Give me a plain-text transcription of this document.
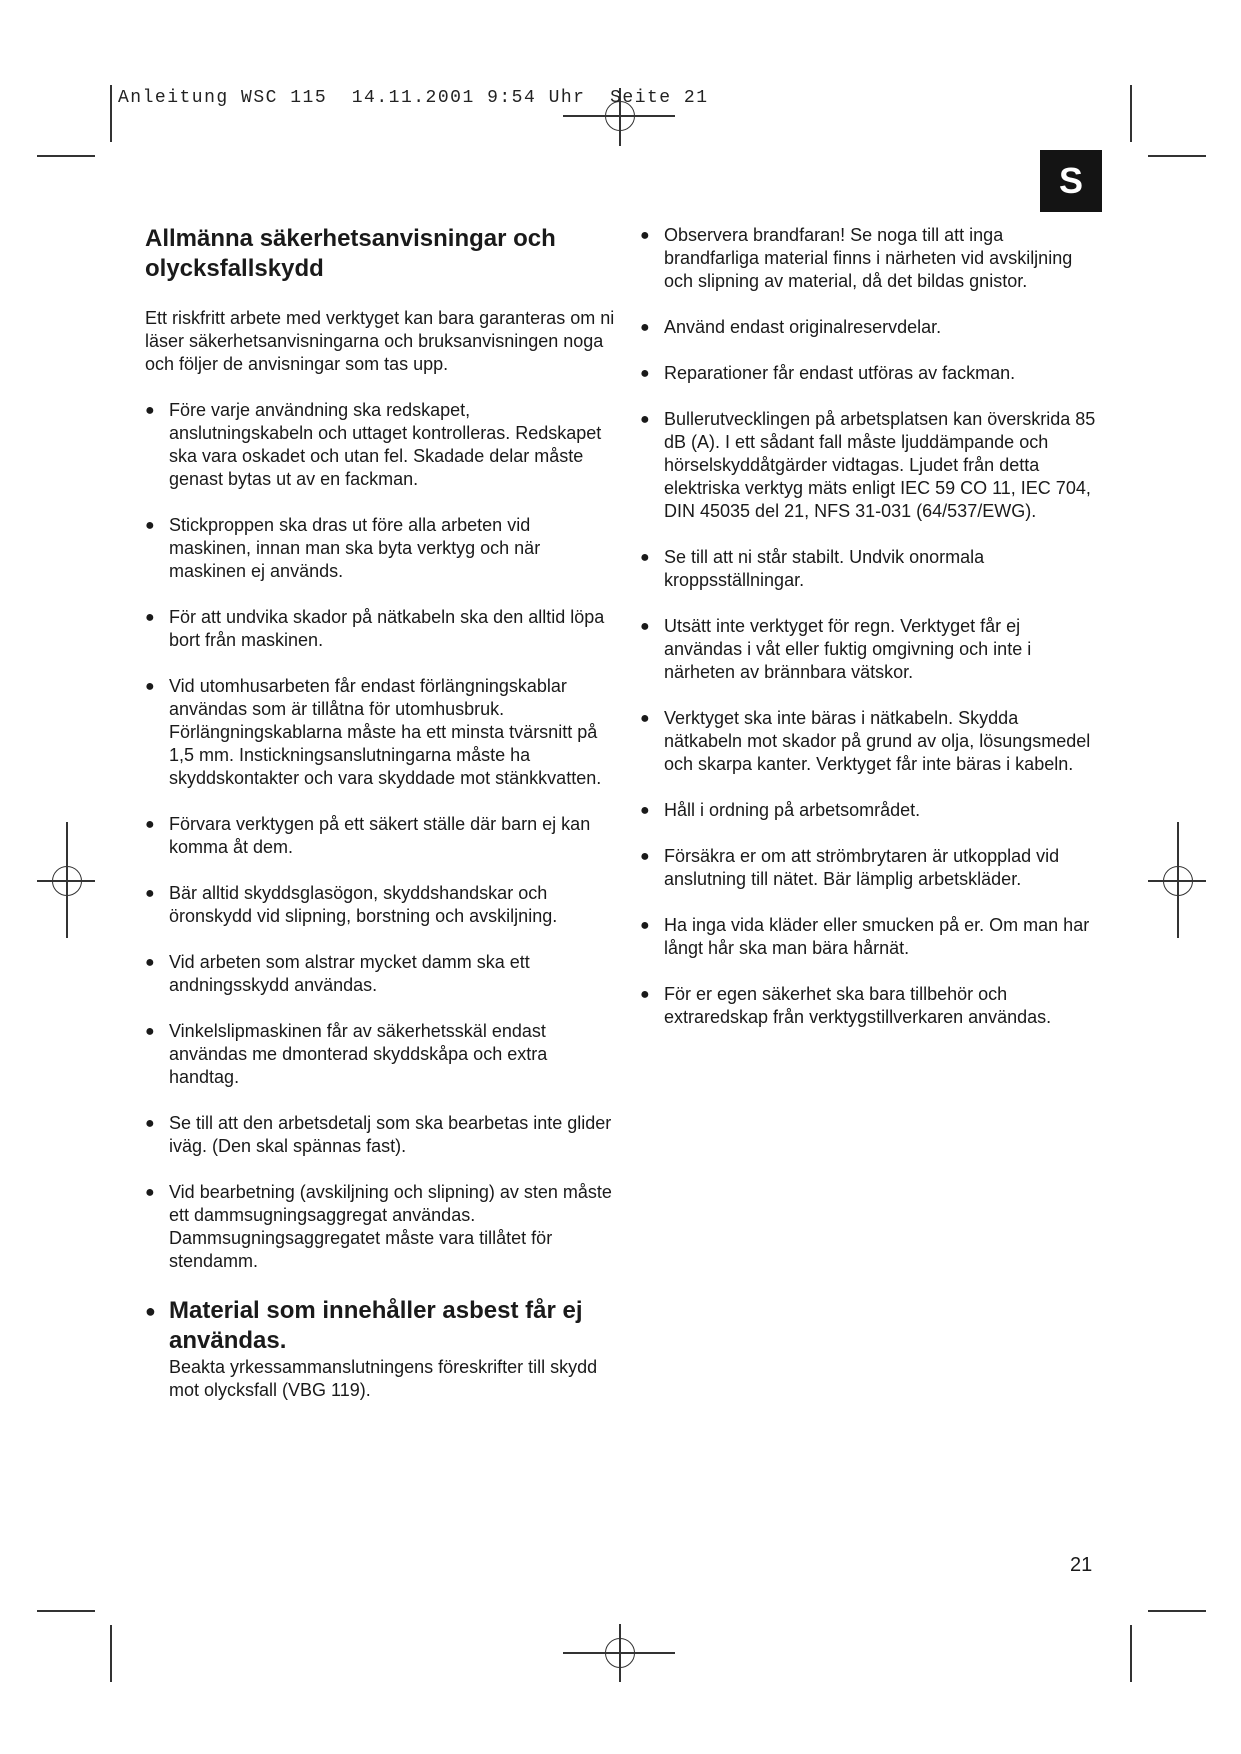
Anleitung WSC 115 14.11.2001 9:54 Uhr Seite 21
S
Allmänna säkerhetsanvisningar och olycksfallskydd

Ett riskfritt arbete med verktyget kan bara garanteras om ni läser säkerhetsanvisningarna och bruksanvisningen noga och följer de anvisningar som tas upp.

● Före varje användning ska redskapet, anslutningskabeln och uttaget kontrolleras. Redskapet ska vara oskadet och utan fel. Skadade delar måste genast bytas ut av en fackman.
● Stickproppen ska dras ut före alla arbeten vid maskinen, innan man ska byta verktyg och när maskinen ej används.
● För att undvika skador på nätkabeln ska den alltid löpa bort från maskinen.
● Vid utomhusarbeten får endast förlängningskablar användas som är tillåtna för utomhusbruk. Förlängningskablarna måste ha ett minsta tvärsnitt på 1,5 mm. Instickningsanslutningarna måste ha skyddskontakter och vara skyddade mot stänkkvatten.
● Förvara verktygen på ett säkert ställe där barn ej kan komma åt dem.
● Bär alltid skyddsglasögon, skyddshandskar och öronskydd vid slipning, borstning och avskiljning.
● Vid arbeten som alstrar mycket damm ska ett andningsskydd användas.
● Vinkelslipmaskinen får av säkerhetsskäl endast användas me dmonterad skyddskåpa och extra handtag.
● Se till att den arbetsdetalj som ska bearbetas inte glider iväg. (Den skal spännas fast).
● Vid bearbetning (avskiljning och slipning) av sten måste ett dammsugningsaggregat användas. Dammsugningsaggregatet måste vara tillåtet för stendamm.
● Material som innehåller asbest får ej användas.
Beakta yrkessammanslutningens föreskrifter till skydd mot olycksfall (VBG 119).
● Observera brandfaran! Se noga till att inga brandfarliga material finns i närheten vid avskiljning och slipning av material, då det bildas gnistor.
● Använd endast originalreservdelar.
● Reparationer får endast utföras av fackman.
● Bullerutvecklingen på arbetsplatsen kan överskrida 85 dB (A). I ett sådant fall måste ljuddämpande och hörselskyddåtgärder vidtagas. Ljudet från detta elektriska verktyg mäts enligt IEC 59 CO 11, IEC 704, DIN 45035 del 21, NFS 31-031 (64/537/EWG).
● Se till att ni står stabilt. Undvik onormala kroppsställningar.
● Utsätt inte verktyget för regn. Verktyget får ej användas i våt eller fuktig omgivning och inte i närheten av brännbara vätskor.
● Verktyget ska inte bäras i nätkabeln. Skydda nätkabeln mot skador på grund av olja, lösungsmedel och skarpa kanter. Verktyget får inte bäras i kabeln.
● Håll i ordning på arbetsområdet.
● Försäkra er om att strömbrytaren är utkopplad vid anslutning till nätet. Bär lämplig arbetskläder.
● Ha inga vida kläder eller smucken på er. Om man har långt hår ska man bära hårnät.
● För er egen säkerhet ska bara tillbehör och extraredskap från verktygstillverkaren användas.
21
